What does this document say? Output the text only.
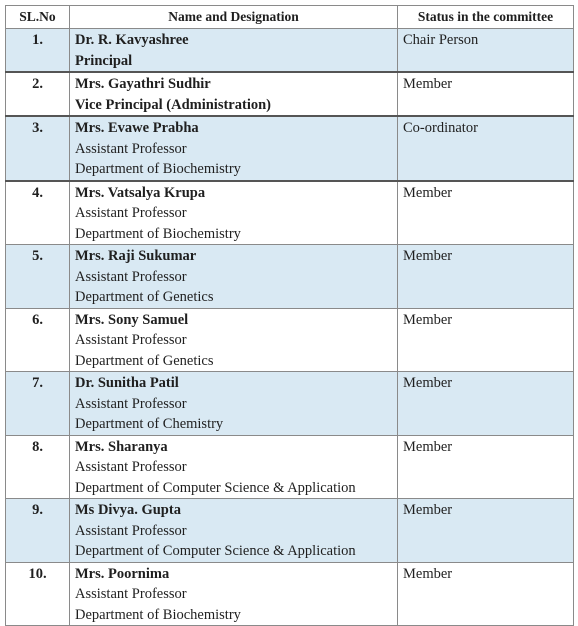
SL.No	Name and Designation	Status in the committee
1.	Dr. R. Kavyashree
Principal	Chair Person
2.	Mrs. Gayathri Sudhir
Vice Principal (Administration)	Member
3.	Mrs. Evawe Prabha
Assistant Professor
Department of Biochemistry	Co-ordinator
4.	Mrs. Vatsalya Krupa
Assistant Professor
Department of Biochemistry	Member
5.	Mrs. Raji Sukumar
Assistant Professor
Department of Genetics	Member
6.	Mrs. Sony Samuel
Assistant Professor
Department of Genetics	Member
7.	Dr. Sunitha Patil
Assistant Professor
Department of Chemistry	Member
8.	Mrs. Sharanya
Assistant Professor
Department of Computer Science & Application	Member
9.	Ms Divya. Gupta
Assistant Professor
Department of Computer Science & Application	Member
10.	Mrs. Poornima
Assistant Professor
Department of Biochemistry	Member
